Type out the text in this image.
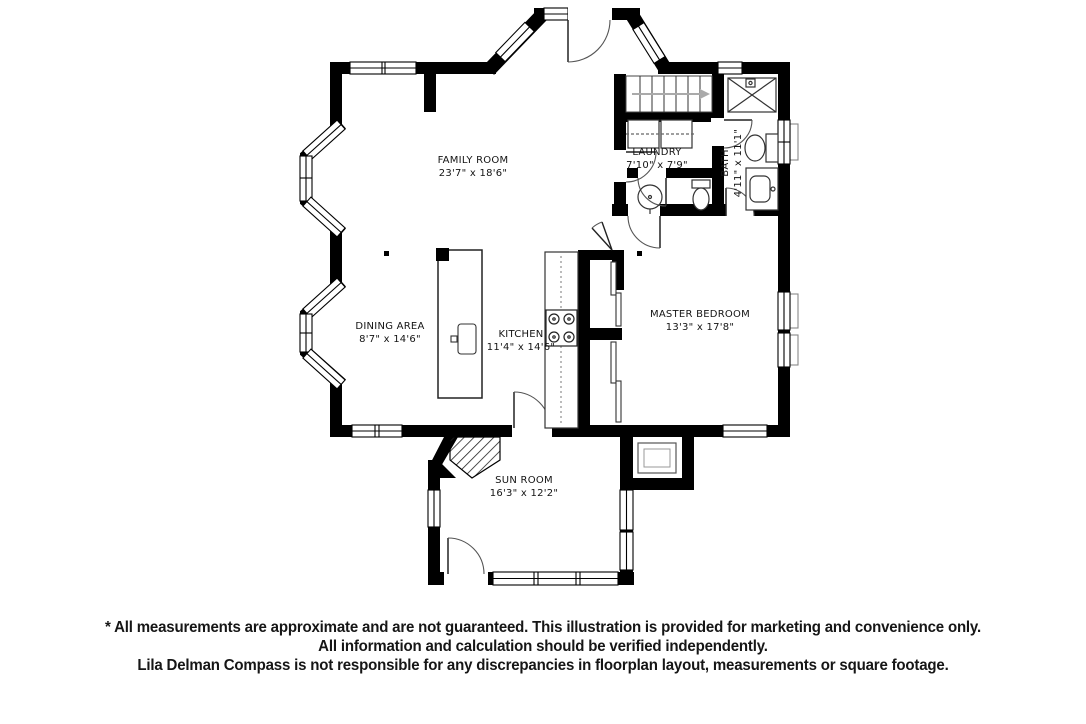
FAMILY ROOM
23'7" x 18'6"
LAUNDRY
7'10" x 7'9"	BATH 4'11" x 11'1"
DINING AREA
8'7" x 14'6"	KITCHEN
11'4" x 14'6"
MASTER BEDROOM
13'3" x 17'8"
SUN ROOM
16'3" x 12'2"
* All measurements are approximate and are not guaranteed. This illustration is provided for marketing and convenience only.
All information and calculation should be verified independently.
Lila Delman Compass is not responsible for any discrepancies in floorplan layout, measurements or square footage.
